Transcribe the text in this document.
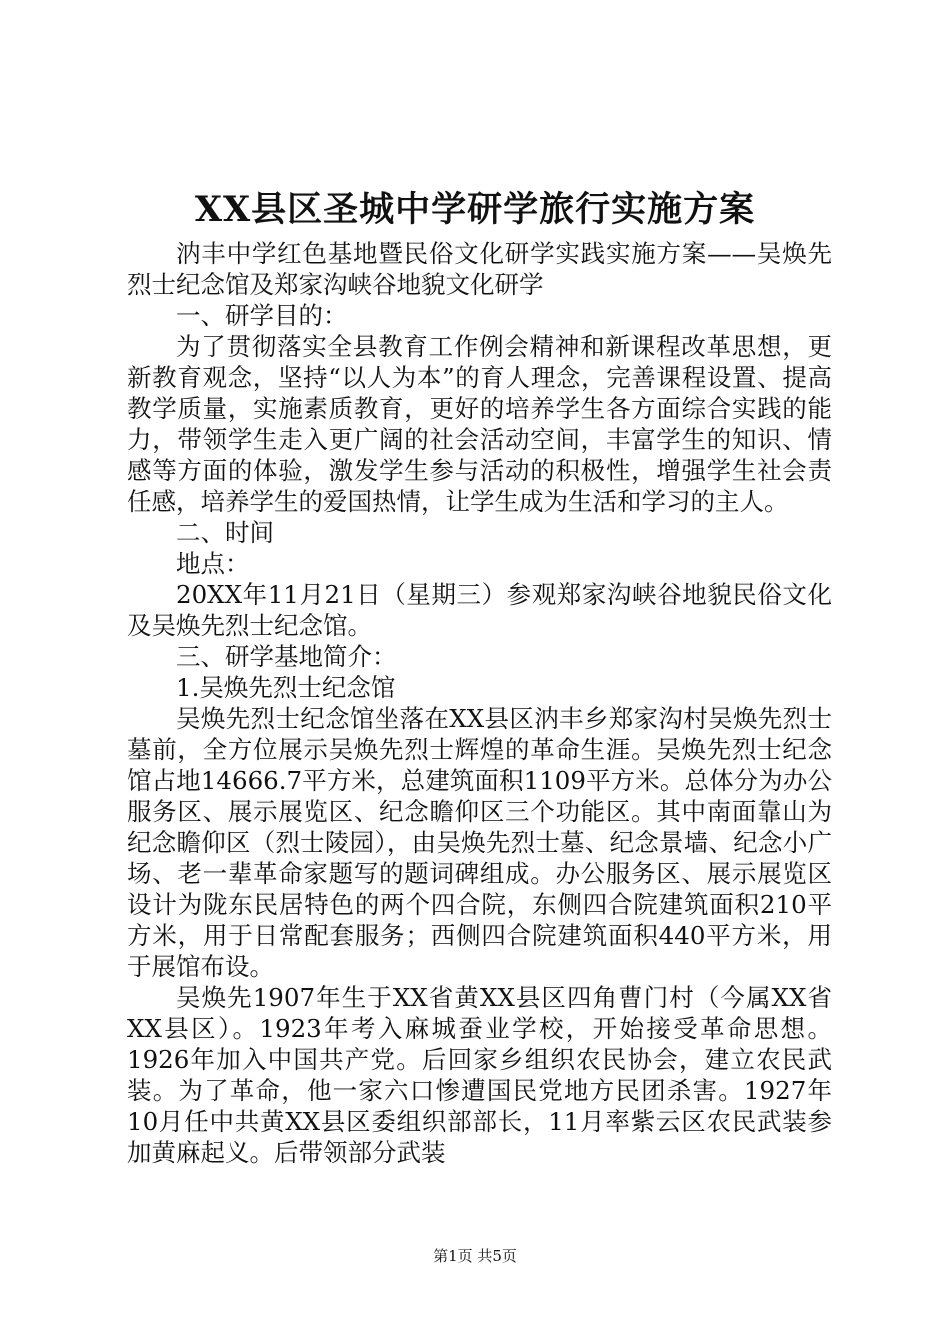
XX县区圣城中学研学旅行实施方案

汭丰中学红色基地暨民俗文化研学实践实施方案——吴焕先烈士纪念馆及郑家沟峡谷地貌文化研学

一、研学目的：

为了贯彻落实全县教育工作例会精神和新课程改革思想，更新教育观念，坚持“以人为本”的育人理念，完善课程设置、提高教学质量，实施素质教育，更好的培养学生各方面综合实践的能力，带领学生走入更广阔的社会活动空间，丰富学生的知识、情感等方面的体验，激发学生参与活动的积极性，增强学生社会责任感，培养学生的爱国热情，让学生成为生活和学习的主人。

二、时间

地点：

20XX年11月21日（星期三）参观郑家沟峡谷地貌民俗文化及吴焕先烈士纪念馆。

三、研学基地简介：

1.吴焕先烈士纪念馆

吴焕先烈士纪念馆坐落在XX县区汭丰乡郑家沟村吴焕先烈士墓前，全方位展示吴焕先烈士辉煌的革命生涯。吴焕先烈士纪念馆占地14666.7平方米，总建筑面积1109平方米。总体分为办公服务区、展示展览区、纪念瞻仰区三个功能区。其中南面靠山为纪念瞻仰区（烈士陵园），由吴焕先烈士墓、纪念景墙、纪念小广场、老一辈革命家题写的题词碑组成。办公服务区、展示展览区设计为陇东民居特色的两个四合院，东侧四合院建筑面积210平方米，用于日常配套服务；西侧四合院建筑面积440平方米，用于展馆布设。

吴焕先1907年生于XX省黄XX县区四角曹门村（今属XX省XX县区）。1923年考入麻城蚕业学校，开始接受革命思想。1926年加入中国共产党。后回家乡组织农民协会，建立农民武装。为了革命，他一家六口惨遭国民党地方民团杀害。1927年10月任中共黄XX县区委组织部部长，11月率紫云区农民武装参加黄麻起义。后带领部分武装

第1页 共5页
